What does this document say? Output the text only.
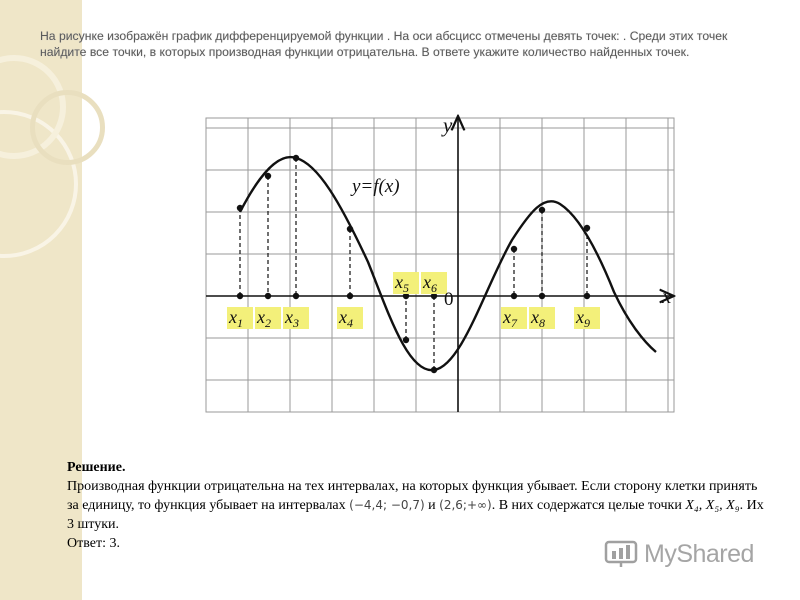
На рисунке изображён график дифференцируемой функции . На оси абсцисс отмечены девять точек: . Среди этих точек найдите все точки, в которых производная функции отрицательна. В ответе укажите количество найденных точек.
$x_1$ $x_2$ $x_3$ $x_4$
$x_5$ $x_6$
$x_7$ $x_8$ $x_9$
y=f(x)
x
y
0
Решение.
Производная функции отрицательна на тех интервалах, на которых функция убывает. Если сторону клетки принять за единицу, то функция убывает на интервалах (−4,4; −0,7) и (2,6;+∞). В них содержатся целые точки X₄, X₅, X₉. Их 3 штуки.
Ответ: 3.	MyShared
